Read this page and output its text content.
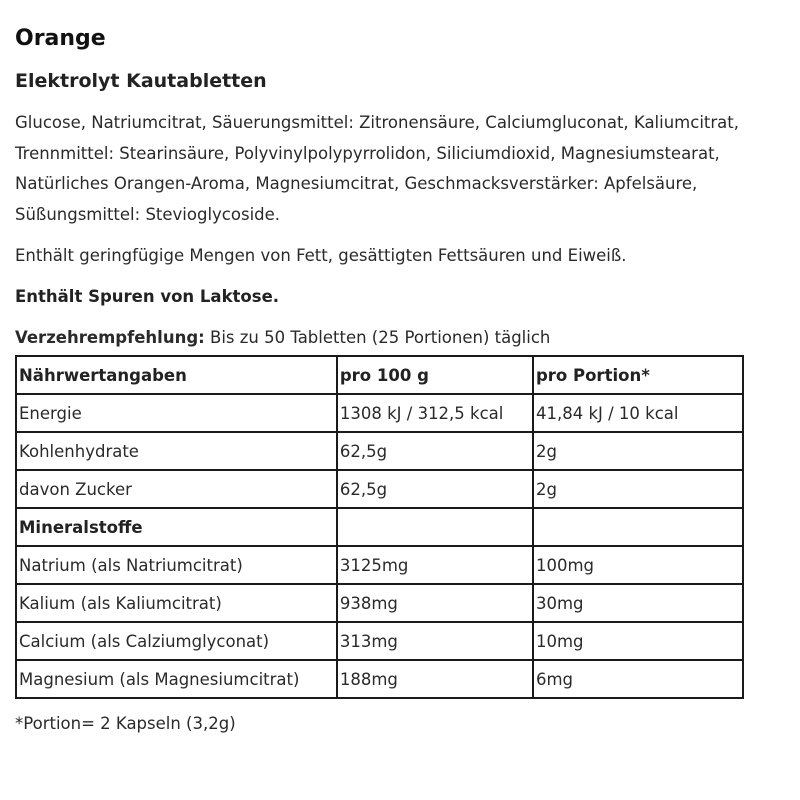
Orange
Elektrolyt Kautabletten

Glucose, Natriumcitrat, Säuerungsmittel: Zitronensäure, Calciumgluconat, Kaliumcitrat, Trennmittel: Stearinsäure, Polyvinylpolypyrrolidon, Siliciumdioxid, Magnesiumstearat, Natürliches Orangen-Aroma, Magnesiumcitrat, Geschmacksverstärker: Apfelsäure, Süßungsmittel: Stevioglycoside.

Enthält geringfügige Mengen von Fett, gesättigten Fettsäuren und Eiweiß.

Enthält Spuren von Laktose.

Verzehrempfehlung: Bis zu 50 Tabletten (25 Portionen) täglich

Nährwertangaben	pro 100 g	pro Portion*
Energie	1308 kJ / 312,5 kcal	41,84 kJ / 10 kcal
Kohlenhydrate	62,5g	2g
davon Zucker	62,5g	2g
Mineralstoffe		
Natrium (als Natriumcitrat)	3125mg	100mg
Kalium (als Kaliumcitrat)	938mg	30mg
Calcium (als Calziumglyconat)	313mg	10mg
Magnesium (als Magnesiumcitrat)	188mg	6mg

*Portion= 2 Kapseln (3,2g)
